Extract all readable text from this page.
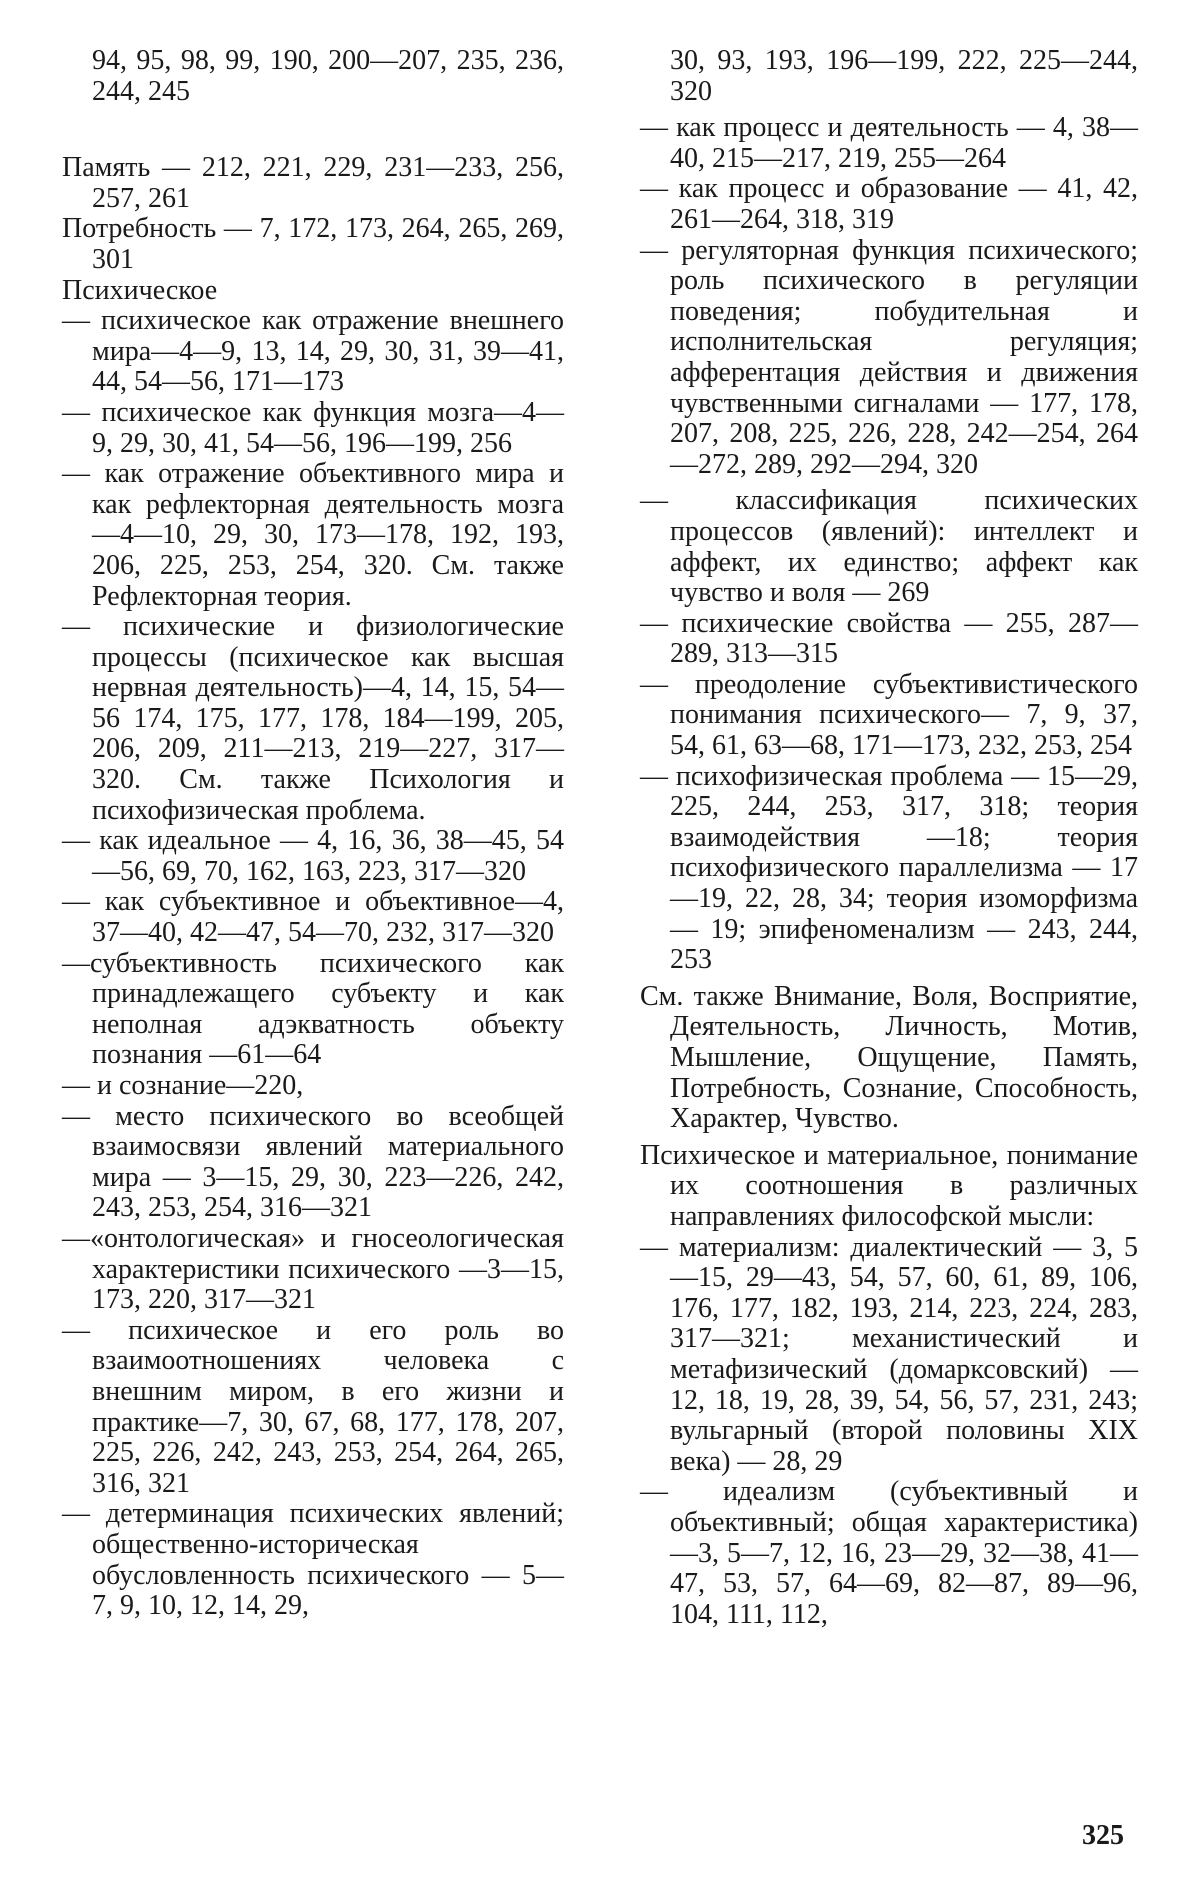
94, 95, 98, 99, 190, 200—207, 235, 236, 244, 245

Память — 212, 221, 229, 231—233, 256, 257, 261

Потребность — 7, 172, 173, 264, 265, 269, 301

Психическое

— психическое как отражение внешнего мира—4—9, 13, 14, 29, 30, 31, 39—41, 44, 54—56, 171—173

— психическое как функция мозга—4—9, 29, 30, 41, 54—56, 196—199, 256

— как отражение объективного мира и как рефлекторная деятельность мозга—4—10, 29, 30, 173—178, 192, 193, 206, 225, 253, 254, 320. См. также Рефлекторная теория.

— психические и физиологические процессы (психическое как высшая нервная деятельность)—4, 14, 15, 54—56 174, 175, 177, 178, 184—199, 205, 206, 209, 211—213, 219—227, 317—320. См. также Психология и психофизическая проблема.

— как идеальное — 4, 16, 36, 38—45, 54—56, 69, 70, 162, 163, 223, 317—320

— как субъективное и объективное—4, 37—40, 42—47, 54—70, 232, 317—320

—субъективность психического как принадлежащего субъекту и как неполная адэкватность объекту познания —61—64

— и сознание—220,

— место психического во всеобщей взаимосвязи явлений материального мира — 3—15, 29, 30, 223—226, 242, 243, 253, 254, 316—321

—«онтологическая» и гносеологическая характеристики психического —3—15, 173, 220, 317—321

— психическое и его роль во взаимоотношениях человека с внешним миром, в его жизни и практике—7, 30, 67, 68, 177, 178, 207, 225, 226, 242, 243, 253, 254, 264, 265, 316, 321

— детерминация психических явлений; общественно-историческая обусловленность психического — 5—7, 9, 10, 12, 14, 29,

30, 93, 193, 196—199, 222, 225—244, 320

— как процесс и деятельность — 4, 38—40, 215—217, 219, 255—264

— как процесс и образование — 41, 42, 261—264, 318, 319

— регуляторная функция психического; роль психического в регуляции поведения; побудительная и исполнительская регуляция; афферентация действия и движения чувственными сигналами — 177, 178, 207, 208, 225, 226, 228, 242—254, 264—272, 289, 292—294, 320

— классификация психических процессов (явлений): интеллект и аффект, их единство; аффект как чувство и воля — 269

— психические свойства — 255, 287—289, 313—315

— преодоление субъективистического понимания психического— 7, 9, 37, 54, 61, 63—68, 171—173, 232, 253, 254

— психофизическая проблема — 15—29, 225, 244, 253, 317, 318; теория взаимодействия —18; теория психофизического параллелизма — 17—19, 22, 28, 34; теория изоморфизма — 19; эпифеноменализм — 243, 244, 253

См. также Внимание, Воля, Восприятие, Деятельность, Личность, Мотив, Мышление, Ощущение, Память, Потребность, Сознание, Способность, Характер, Чувство.

Психическое и материальное, понимание их соотношения в различных направлениях философской мысли:

— материализм: диалектический — 3, 5—15, 29—43, 54, 57, 60, 61, 89, 106, 176, 177, 182, 193, 214, 223, 224, 283, 317—321; механистический и метафизический (домарксовский) — 12, 18, 19, 28, 39, 54, 56, 57, 231, 243; вульгарный (второй половины XIX века) — 28, 29

— идеализм (субъективный и объективный; общая характеристика) —3, 5—7, 12, 16, 23—29, 32—38, 41—47, 53, 57, 64—69, 82—87, 89—96, 104, 111, 112,

325
